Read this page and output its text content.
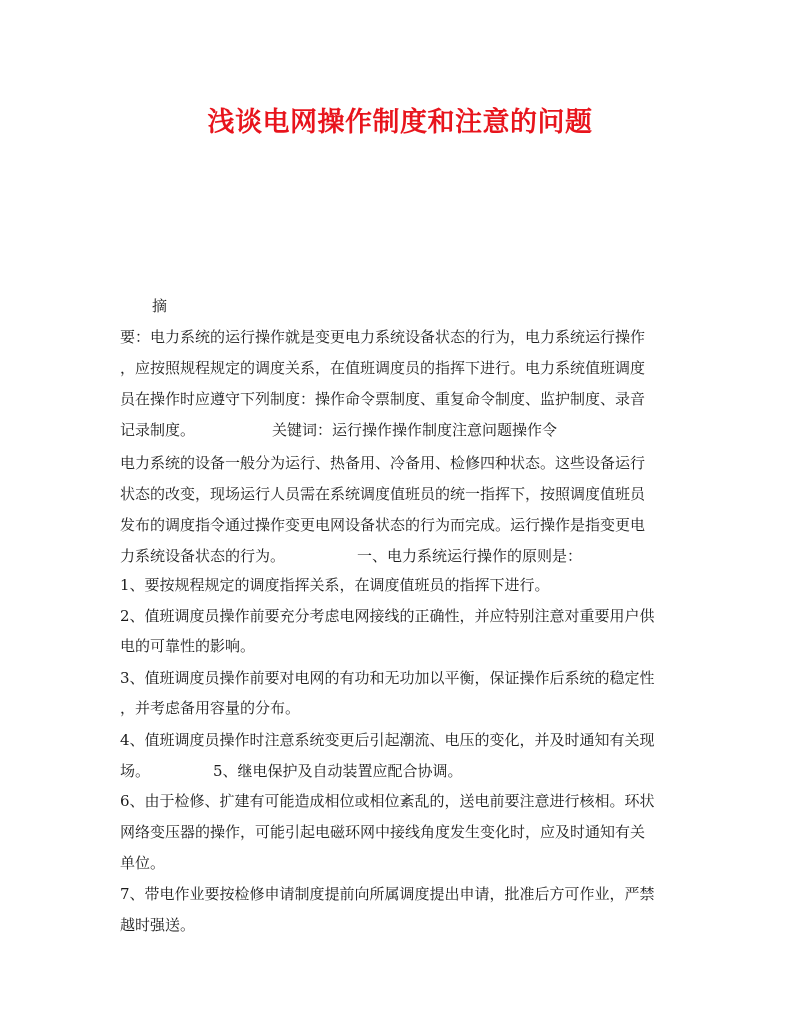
浅谈电网操作制度和注意的问题

摘

要：电力系统的运行操作就是变更电力系统设备状态的行为，电力系统运行操作

，应按照规程规定的调度关系，在值班调度员的指挥下进行。电力系统值班调度

员在操作时应遵守下列制度：操作命令票制度、重复命令制度、监护制度、录音

记录制度。	关键词：运行操作操作制度注意问题操作令

电力系统的设备一般分为运行、热备用、冷备用、检修四种状态。这些设备运行

状态的改变，现场运行人员需在系统调度值班员的统一指挥下，按照调度值班员

发布的调度指令通过操作变更电网设备状态的行为而完成。运行操作是指变更电

力系统设备状态的行为。	一、电力系统运行操作的原则是：

1、要按规程规定的调度指挥关系，在调度值班员的指挥下进行。

2、值班调度员操作前要充分考虑电网接线的正确性，并应特别注意对重要用户供

电的可靠性的影响。

3、值班调度员操作前要对电网的有功和无功加以平衡，保证操作后系统的稳定性

，并考虑备用容量的分布。

4、值班调度员操作时注意系统变更后引起潮流、电压的变化，并及时通知有关现

场。	5、继电保护及自动装置应配合协调。

6、由于检修、扩建有可能造成相位或相位紊乱的，送电前要注意进行核相。环状

网络变压器的操作，可能引起电磁环网中接线角度发生变化时，应及时通知有关

单位。

7、带电作业要按检修申请制度提前向所属调度提出申请，批准后方可作业，严禁

越时强送。
